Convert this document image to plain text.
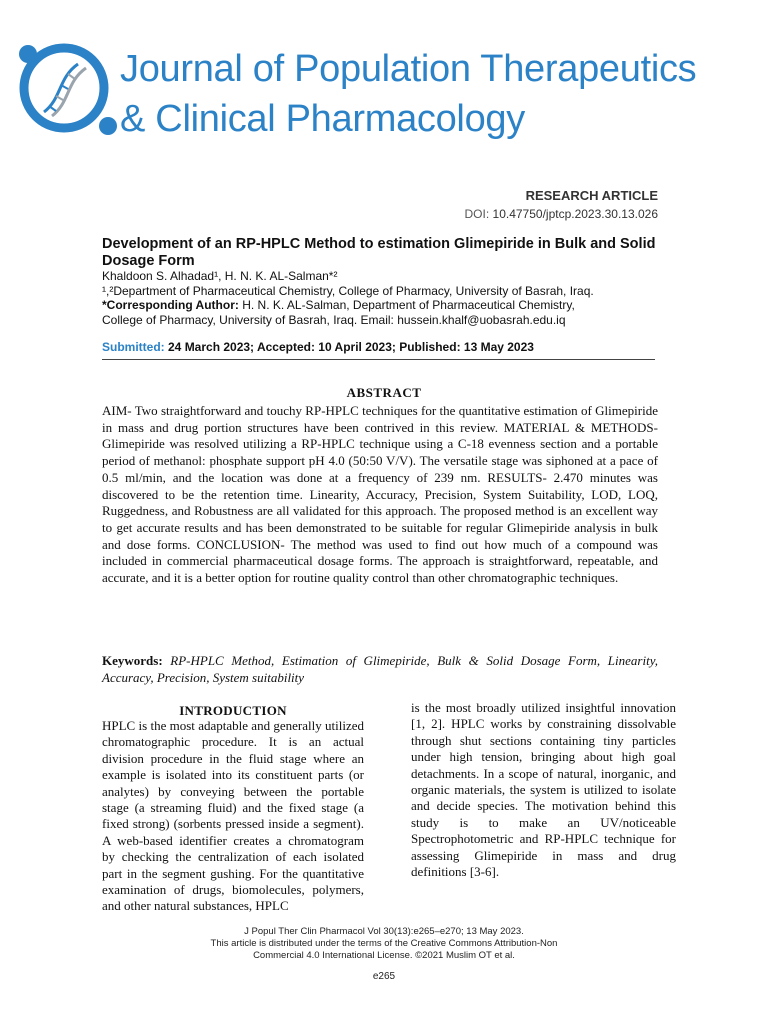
Journal of Population Therapeutics
& Clinical Pharmacology
RESEARCH ARTICLE
DOI: 10.47750/jptcp.2023.30.13.026
Development of an RP-HPLC Method to estimation Glimepiride in Bulk and Solid Dosage Form
Khaldoon S. Alhadad¹, H. N. K. AL-Salman*²
¹,²Department of Pharmaceutical Chemistry, College of Pharmacy, University of Basrah, Iraq.
*Corresponding Author: H. N. K. AL-Salman, Department of Pharmaceutical Chemistry,
College of Pharmacy, University of Basrah, Iraq. Email: hussein.khalf@uobasrah.edu.iq
Submitted: 24 March 2023; Accepted: 10 April 2023; Published: 13 May 2023
ABSTRACT
AIM- Two straightforward and touchy RP-HPLC techniques for the quantitative estimation of Glimepiride in mass and drug portion structures have been contrived in this review. MATERIAL & METHODS- Glimepiride was resolved utilizing a RP-HPLC technique using a C-18 evenness section and a portable period of methanol: phosphate support pH 4.0 (50:50 V/V). The versatile stage was siphoned at a pace of 0.5 ml/min, and the location was done at a frequency of 239 nm. RESULTS- 2.470 minutes was discovered to be the retention time. Linearity, Accuracy, Precision, System Suitability, LOD, LOQ, Ruggedness, and Robustness are all validated for this approach. The proposed method is an excellent way to get accurate results and has been demonstrated to be suitable for regular Glimepiride analysis in bulk and dose forms. CONCLUSION- The method was used to find out how much of a compound was included in commercial pharmaceutical dosage forms. The approach is straightforward, repeatable, and accurate, and it is a better option for routine quality control than other chromatographic techniques.
Keywords: RP-HPLC Method, Estimation of Glimepiride, Bulk & Solid Dosage Form, Linearity, Accuracy, Precision, System suitability
INTRODUCTION
HPLC is the most adaptable and generally utilized chromatographic procedure. It is an actual division procedure in the fluid stage where an example is isolated into its constituent parts (or analytes) by conveying between the portable stage (a streaming fluid) and the fixed stage (a fixed strong) (sorbents pressed inside a segment). A web-based identifier creates a chromatogram by checking the centralization of each isolated part in the segment gushing. For the quantitative examination of drugs, biomolecules, polymers, and other natural substances, HPLC
is the most broadly utilized insightful innovation [1, 2]. HPLC works by constraining dissolvable through shut sections containing tiny particles under high tension, bringing about high goal detachments. In a scope of natural, inorganic, and organic materials, the system is utilized to isolate and decide species. The motivation behind this study is to make an UV/noticeable Spectrophotometric and RP-HPLC technique for assessing Glimepiride in mass and drug definitions [3-6].
J Popul Ther Clin Pharmacol Vol 30(13):e265–e270; 13 May 2023.
This article is distributed under the terms of the Creative Commons Attribution-Non
Commercial 4.0 International License. ©2021 Muslim OT et al.
e265
